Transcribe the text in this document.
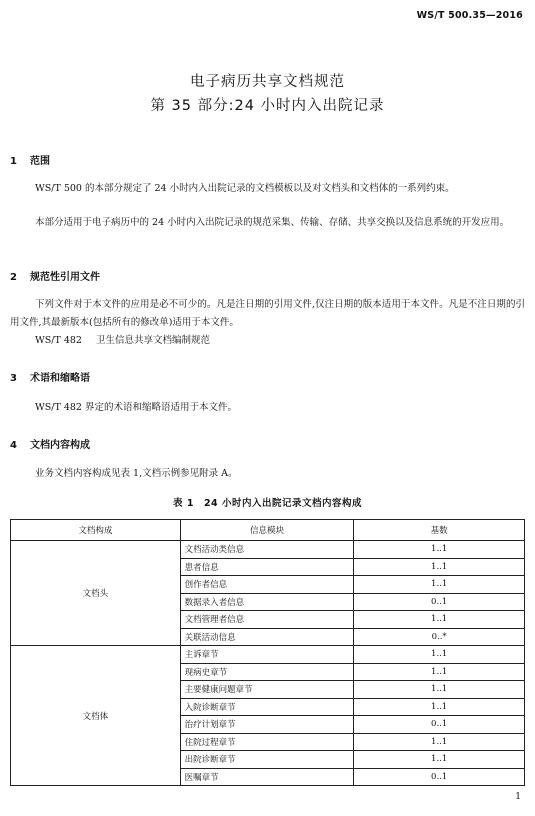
WS/T 500.35—2016
电子病历共享文档规范
第 35 部分:24 小时内入出院记录
1 范围
WS/T 500 的本部分规定了 24 小时内入出院记录的文档模板以及对文档头和文档体的一系列约束。
本部分适用于电子病历中的 24 小时内入出院记录的规范采集、传输、存储、共享交换以及信息系统的开发应用。
2 规范性引用文件
下列文件对于本文件的应用是必不可少的。凡是注日期的引用文件,仅注日期的版本适用于本文件。凡是不注日期的引用文件,其最新版本(包括所有的修改单)适用于本文件。
WS/T 482 卫生信息共享文档编制规范
3 术语和缩略语
WS/T 482 界定的术语和缩略语适用于本文件。
4 文档内容构成
业务文档内容构成见表 1,文档示例参见附录 A。
表 1 24 小时内入出院记录文档内容构成
文档构成	信息模块	基数
文档头	文档活动类信息	1..1
	患者信息	1..1
	创作者信息	1..1
	数据录入者信息	0..1
	文档管理者信息	1..1
	关联活动信息	0..*
文档体	主诉章节	1..1
	现病史章节	1..1
	主要健康问题章节	1..1
	入院诊断章节	1..1
	治疗计划章节	0..1
	住院过程章节	1..1
	出院诊断章节	1..1
	医嘱章节	0..1
1
